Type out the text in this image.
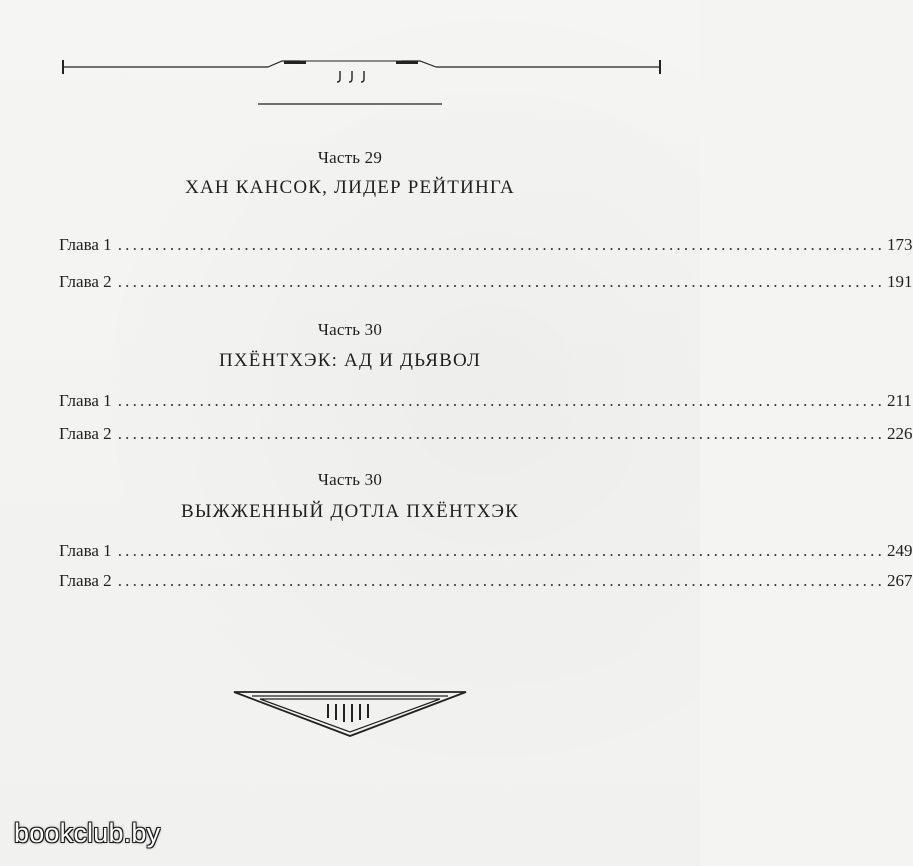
Часть 29
ХАН КАНСОК, ЛИДЕР РЕЙТИНГА
Глава 1 ....................................................................................................... 173
Глава 2 ....................................................................................................... 191
Часть 30
ПХЁНТХЭК: АД И ДЬЯВОЛ
Глава 1 ....................................................................................................... 211
Глава 2 ....................................................................................................... 226
Часть 30
ВЫЖЖЕННЫЙ ДОТЛА ПХЁНТХЭК
Глава 1 ....................................................................................................... 249
Глава 2 ....................................................................................................... 267
bookclub.by
